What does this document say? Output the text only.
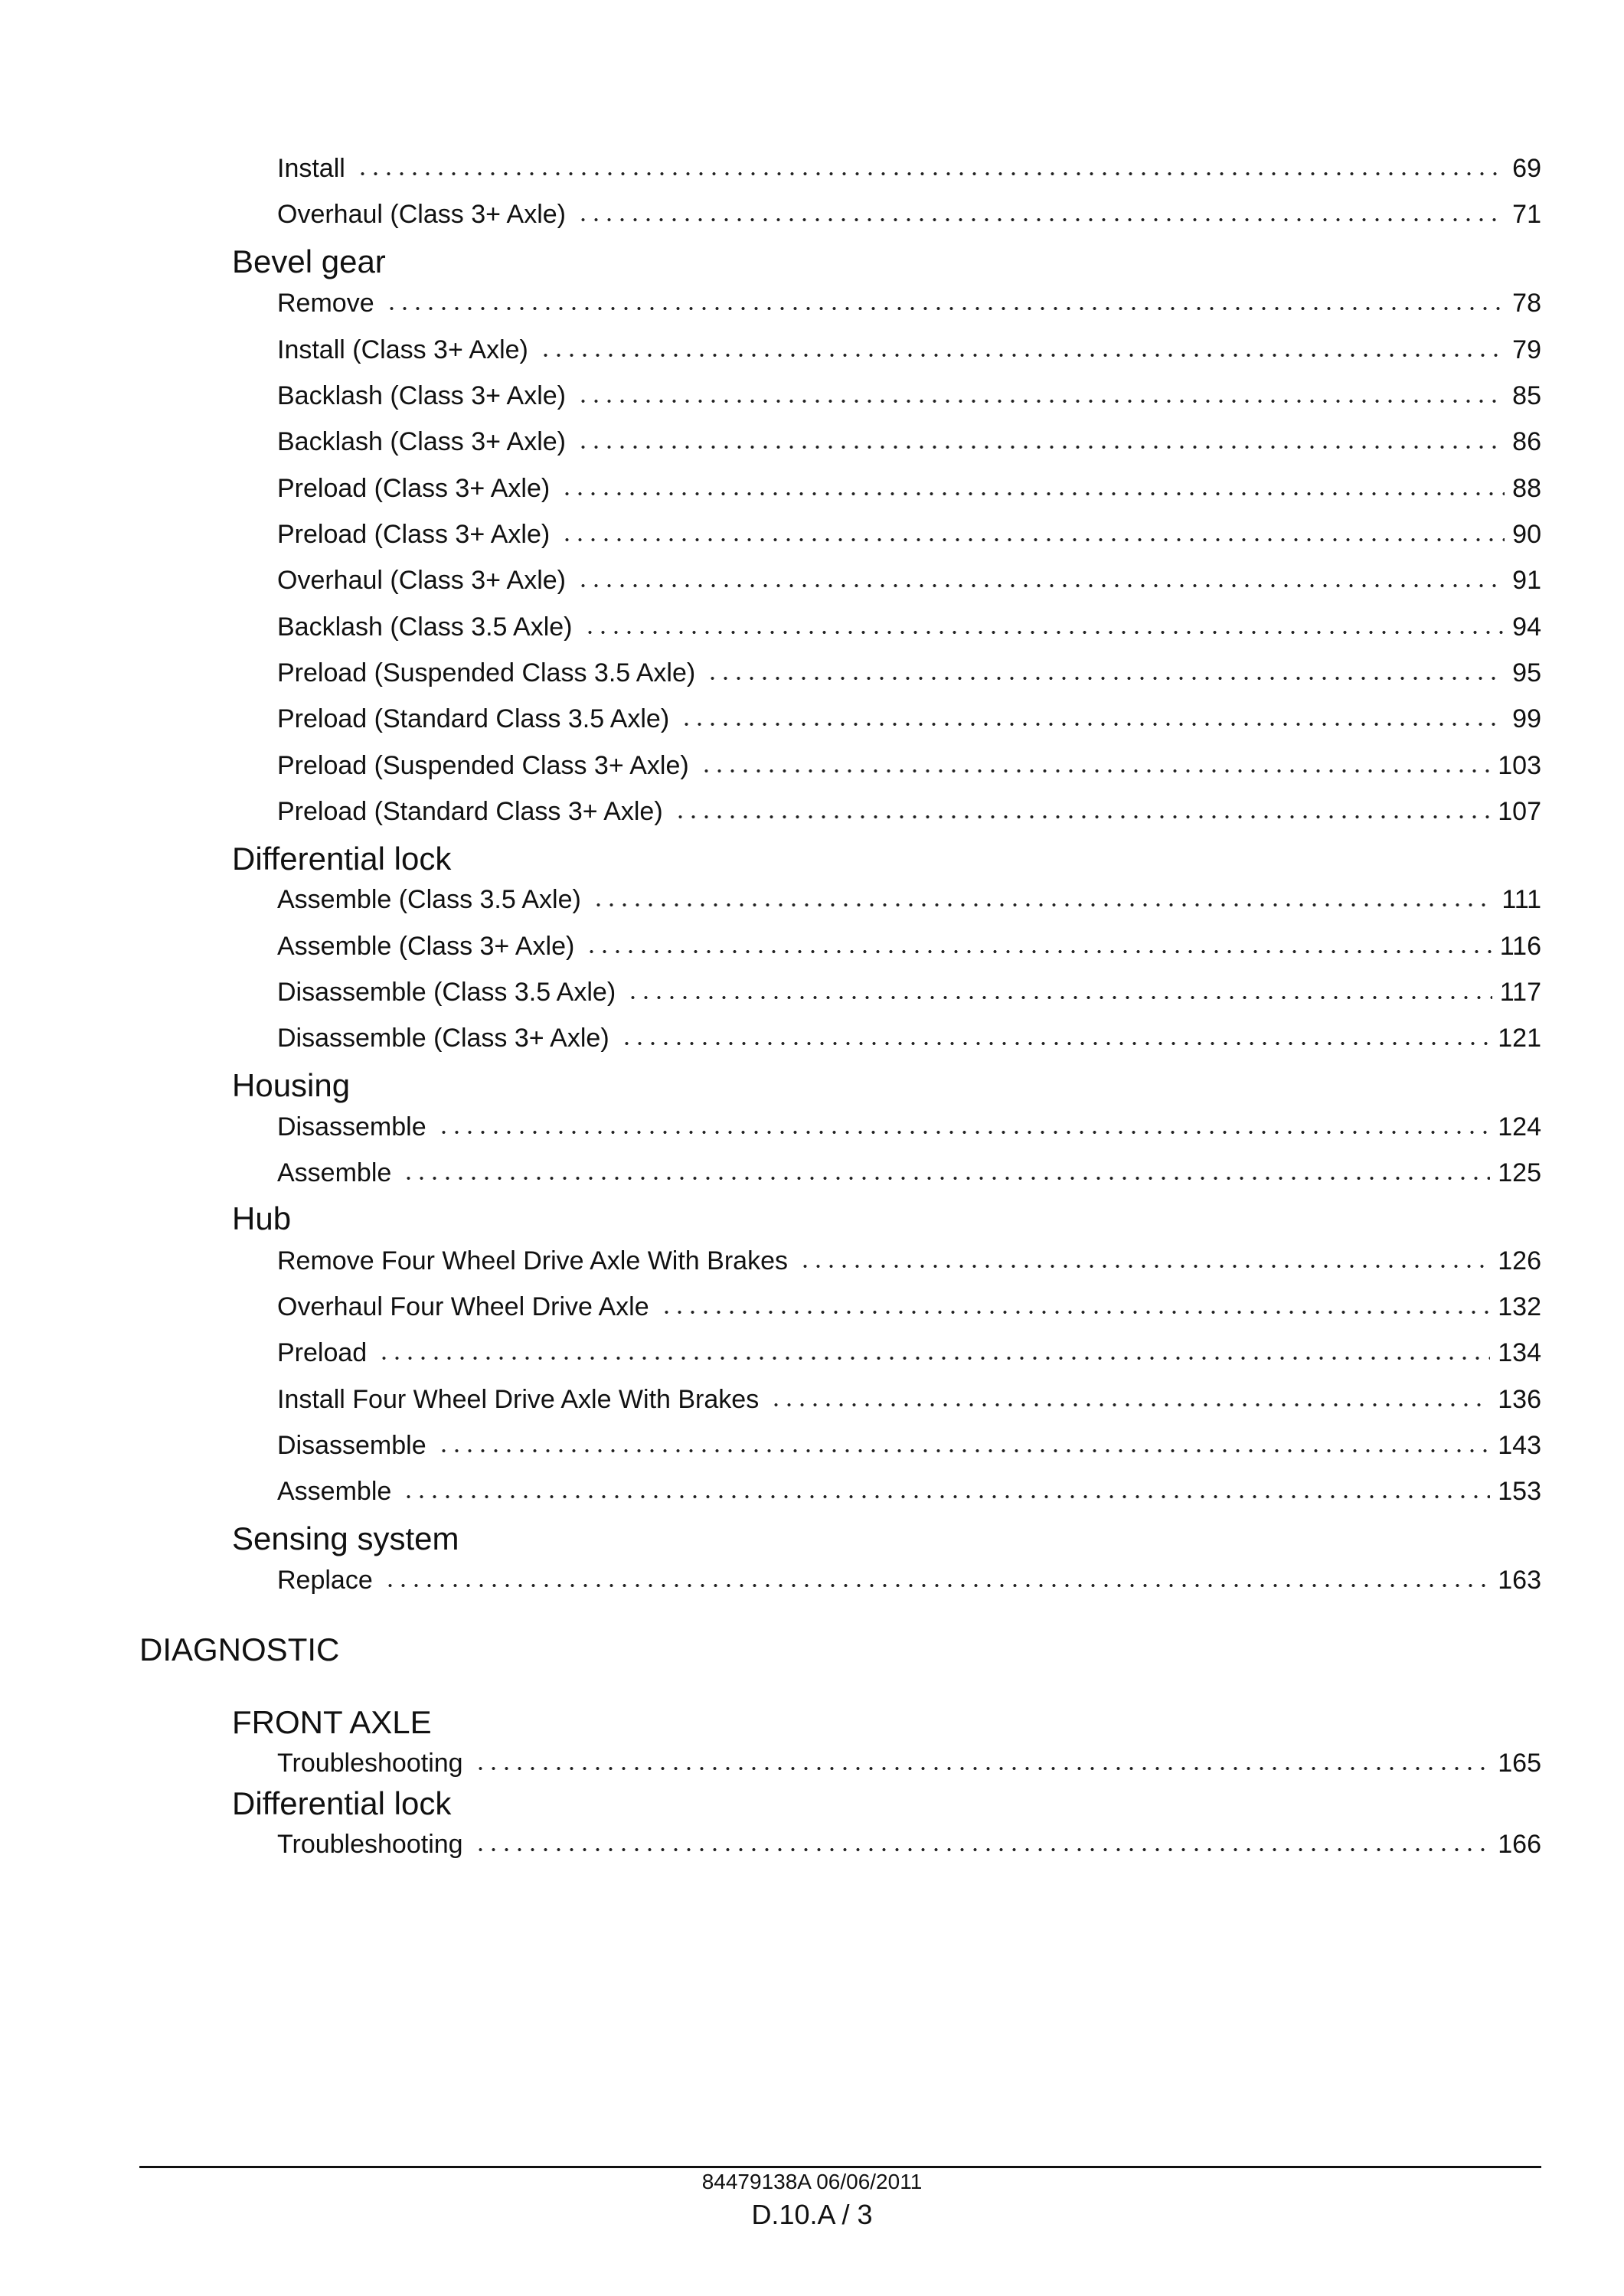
Install	69
Overhaul (Class 3+ Axle)	71
Bevel gear
Remove	78
Install (Class 3+ Axle)	79
Backlash (Class 3+ Axle)	85
Backlash (Class 3+ Axle)	86
Preload (Class 3+ Axle)	88
Preload (Class 3+ Axle)	90
Overhaul (Class 3+ Axle)	91
Backlash (Class 3.5 Axle)	94
Preload (Suspended Class 3.5 Axle)	95
Preload (Standard Class 3.5 Axle)	99
Preload (Suspended Class 3+ Axle)	103
Preload (Standard Class 3+ Axle)	107
Differential lock
Assemble (Class 3.5 Axle)	111
Assemble (Class 3+ Axle)	116
Disassemble (Class 3.5 Axle)	117
Disassemble (Class 3+ Axle)	121
Housing
Disassemble	124
Assemble	125
Hub
Remove Four Wheel Drive Axle With Brakes	126
Overhaul Four Wheel Drive Axle	132
Preload	134
Install Four Wheel Drive Axle With Brakes	136
Disassemble	143
Assemble	153
Sensing system
Replace	163
DIAGNOSTIC
FRONT AXLE
Troubleshooting	165
Differential lock
Troubleshooting	166
84479138A 06/06/2011
D.10.A / 3
